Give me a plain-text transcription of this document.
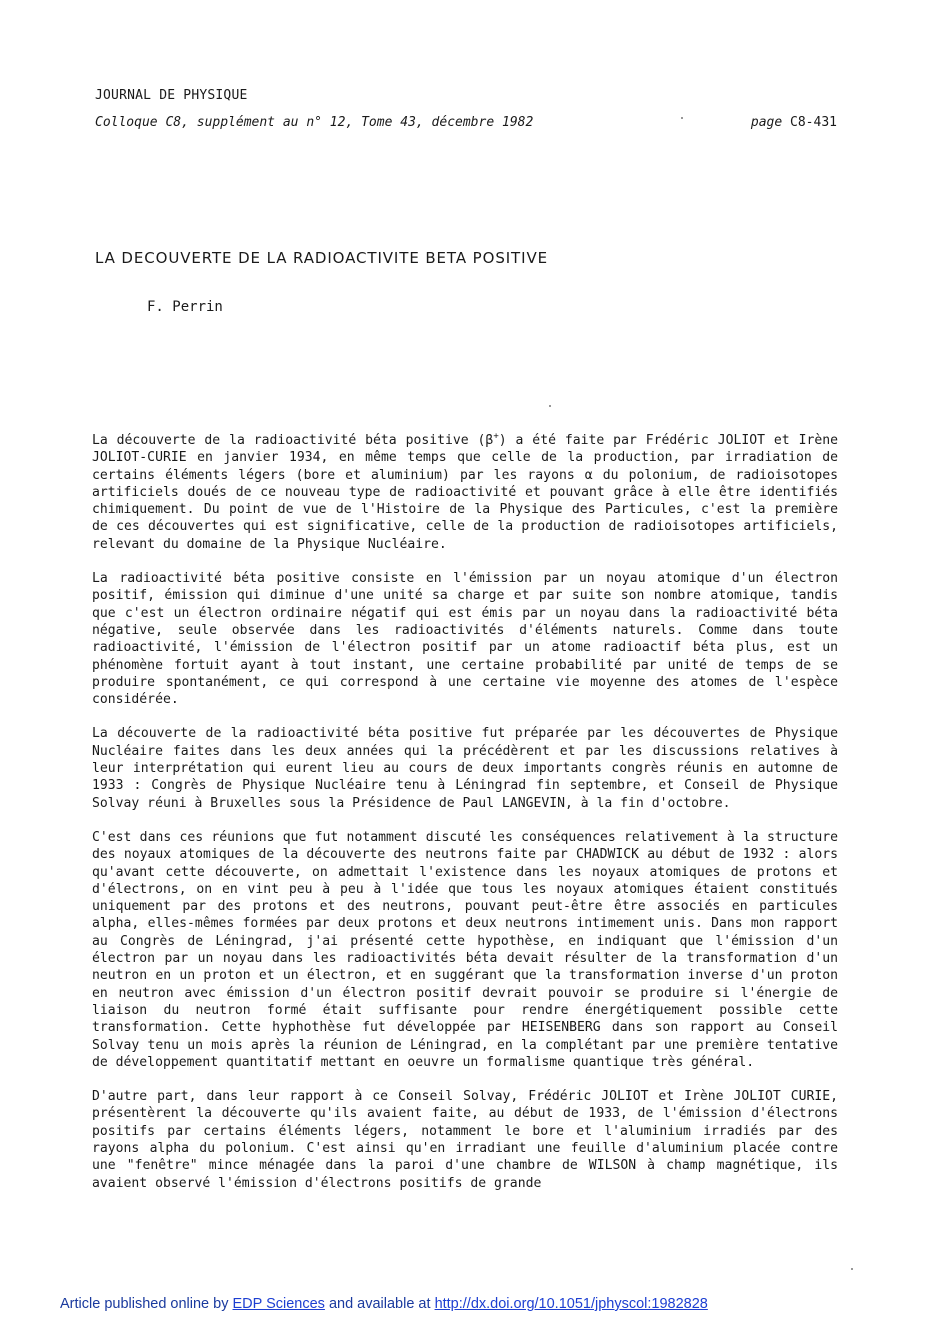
JOURNAL DE PHYSIQUE
Colloque C8, supplément au n° 12, Tome 43, décembre 1982	page C8-431
LA DECOUVERTE DE LA RADIOACTIVITE BETA POSITIVE
F. Perrin

La découverte de la radioactivité béta positive (β+) a été faite par Frédéric JOLIOT et Irène JOLIOT-CURIE en janvier 1934, en même temps que celle de la production, par irradiation de certains éléments légers (bore et aluminium) par les rayons α du polonium, de radioisotopes artificiels doués de ce nouveau type de radioactivité et pouvant grâce à elle être identifiés chimiquement. Du point de vue de l'Histoire de la Physique des Particules, c'est la première de ces découvertes qui est significative, celle de la production de radioisotopes artificiels, relevant du domaine de la Physique Nucléaire.

La radioactivité béta positive consiste en l'émission par un noyau atomique d'un électron positif, émission qui diminue d'une unité sa charge et par suite son nombre atomique, tandis que c'est un électron ordinaire négatif qui est émis par un noyau dans la radioactivité béta négative, seule observée dans les radioactivités d'éléments naturels. Comme dans toute radioactivité, l'émission de l'électron positif par un atome radioactif béta plus, est un phénomène fortuit ayant à tout instant, une certaine probabilité par unité de temps de se produire spontanément, ce qui correspond à une certaine vie moyenne des atomes de l'espèce considérée.

La découverte de la radioactivité béta positive fut préparée par les découvertes de Physique Nucléaire faites dans les deux années qui la précédèrent et par les discussions relatives à leur interprétation qui eurent lieu au cours de deux importants congrès réunis en automne de 1933 : Congrès de Physique Nucléaire tenu à Léningrad fin septembre, et Conseil de Physique Solvay réuni à Bruxelles sous la Présidence de Paul LANGEVIN, à la fin d'octobre.

C'est dans ces réunions que fut notamment discuté les conséquences relativement à la structure des noyaux atomiques de la découverte des neutrons faite par CHADWICK au début de 1932 : alors qu'avant cette découverte, on admettait l'existence dans les noyaux atomiques de protons et d'électrons, on en vint peu à peu à l'idée que tous les noyaux atomiques étaient constitués uniquement par des protons et des neutrons, pouvant peut-être être associés en particules alpha, elles-mêmes formées par deux protons et deux neutrons intimement unis. Dans mon rapport au Congrès de Léningrad, j'ai présenté cette hypothèse, en indiquant que l'émission d'un électron par un noyau dans les radioactivités béta devait résulter de la transformation d'un neutron en un proton et un électron, et en suggérant que la transformation inverse d'un proton en neutron avec émission d'un électron positif devrait pouvoir se produire si l'énergie de liaison du neutron formé était suffisante pour rendre énergétiquement possible cette transformation. Cette hyphothèse fut développée par HEISENBERG dans son rapport au Conseil Solvay tenu un mois après la réunion de Léningrad, en la complétant par une première tentative de développement quantitatif mettant en oeuvre un formalisme quantique très général.

D'autre part, dans leur rapport à ce Conseil Solvay, Frédéric JOLIOT et Irène JOLIOT CURIE, présentèrent la découverte qu'ils avaient faite, au début de 1933, de l'émission d'électrons positifs par certains éléments légers, notamment le bore et l'aluminium irradiés par des rayons alpha du polonium. C'est ainsi qu'en irradiant une feuille d'aluminium placée contre une "fenêtre" mince ménagée dans la paroi d'une chambre de WILSON à champ magnétique, ils avaient observé l'émission d'électrons positifs de grande

Article published online by EDP Sciences and available at http://dx.doi.org/10.1051/jphyscol:1982828
